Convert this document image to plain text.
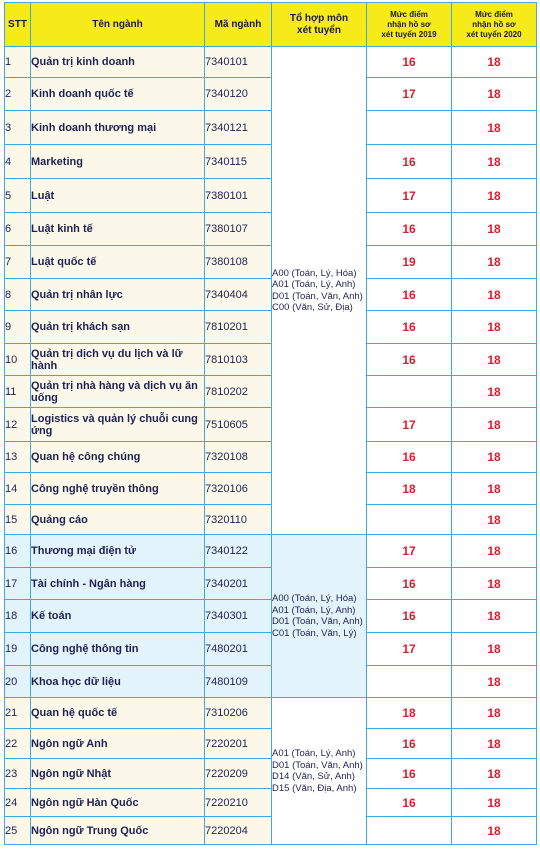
STT	Tên ngành	Mã ngành	Tổ hợp môn
xét tuyển	Mức điểm
nhận hồ sơ
xét tuyển 2019	Mức điểm
nhận hồ sơ
xét tuyển 2020

1	Quản trị kinh doanh	7340101	A00 (Toán, Lý, Hóa)
A01 (Toán, Lý, Anh)
D01 (Toán, Văn, Anh)
C00 (Văn, Sử, Địa)	16	18
2	Kinh doanh quốc tế	7340120		17	18
3	Kinh doanh thương mại	7340121			18
4	Marketing	7340115		16	18
5	Luật	7380101		17	18
6	Luật kinh tế	7380107		16	18
7	Luật quốc tế	7380108		19	18
8	Quản trị nhân lực	7340404		16	18
9	Quản trị khách sạn	7810201		16	18
10	Quản trị dịch vụ du lịch và lữ hành	7810103		16	18
11	Quản trị nhà hàng và dịch vụ ăn uống	7810202			18
12	Logistics và quản lý chuỗi cung ứng	7510605		17	18
13	Quan hệ công chúng	7320108		16	18
14	Công nghệ truyền thông	7320106		18	18
15	Quảng cáo	7320110			18
16	Thương mại điện tử	7340122	A00 (Toán, Lý, Hóa)
A01 (Toán, Lý, Anh)
D01 (Toán, Văn, Anh)
C01 (Toán, Văn, Lý)	17	18
17	Tài chính - Ngân hàng	7340201		16	18
18	Kế toán	7340301		16	18
19	Công nghệ thông tin	7480201		17	18
20	Khoa học dữ liệu	7480109			18
21	Quan hệ quốc tế	7310206	A01 (Toán, Lý, Anh)
D01 (Toán, Văn, Anh)
D14 (Văn, Sử, Anh)
D15 (Văn, Địa, Anh)	18	18
22	Ngôn ngữ Anh	7220201		16	18
23	Ngôn ngữ Nhật	7220209		16	18
24	Ngôn ngữ Hàn Quốc	7220210		16	18
25	Ngôn ngữ Trung Quốc	7220204			18
